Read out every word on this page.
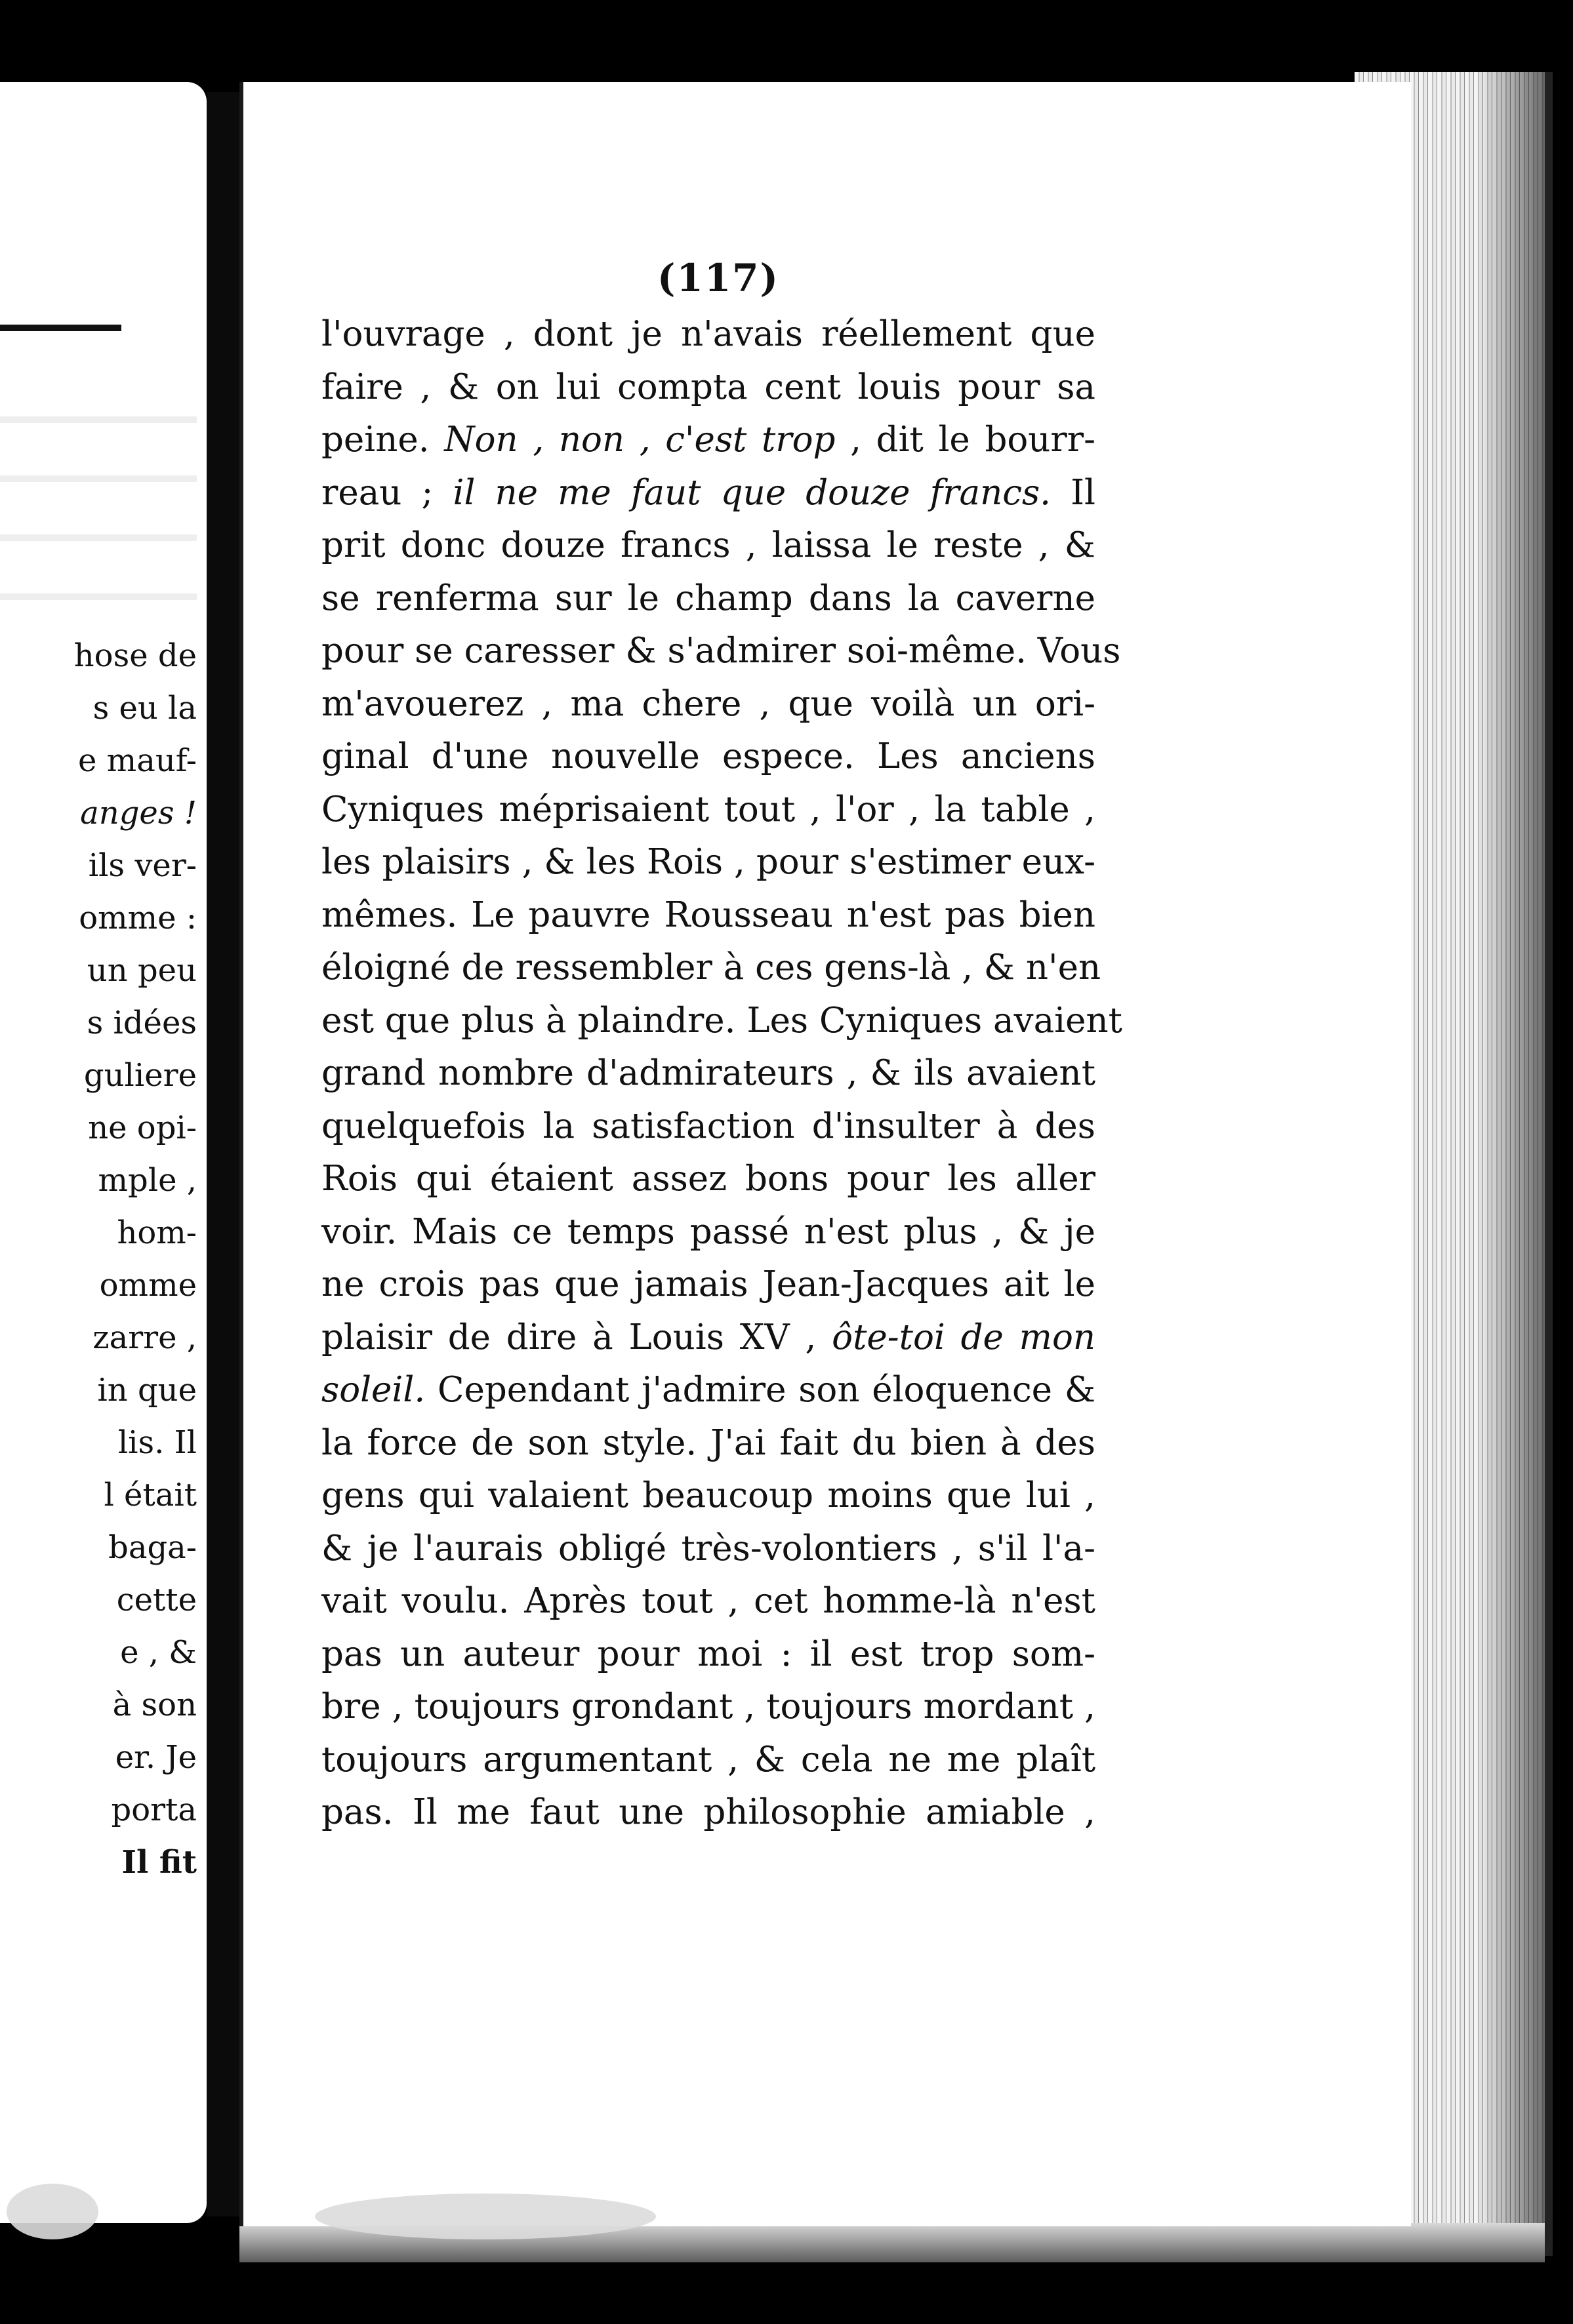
hose de
s eu la
e mauf-
anges !
ils ver-
omme :
un peu
s idées
guliere
ne opi-
mple ,
hom-
omme
zarre ,
in que
lis. Il
l était
baga-
cette
e , &
à son
er. Je
porta
Il fit
(117)
l'ouvrage , dont je n'avais réellement que
faire , & on lui compta cent louis pour sa
peine. Non , non , c'est trop , dit le bourr-
reau ; il ne me faut que douze francs. Il
prit donc douze francs , laissa le reste , &
se renferma sur le champ dans la caverne
pour se caresser & s'admirer soi-même. Vous
m'avouerez , ma chere , que voilà un ori-
ginal d'une nouvelle espece. Les anciens
Cyniques méprisaient tout , l'or , la table ,
les plaisirs , & les Rois , pour s'estimer eux-
mêmes. Le pauvre Rousseau n'est pas bien
éloigné de ressembler à ces gens-là , & n'en
est que plus à plaindre. Les Cyniques avaient
grand nombre d'admirateurs , & ils avaient
quelquefois la satisfaction d'insulter à des
Rois qui étaient assez bons pour les aller
voir. Mais ce temps passé n'est plus , & je
ne crois pas que jamais Jean-Jacques ait le
plaisir de dire à Louis XV , ôte-toi de mon
soleil. Cependant j'admire son éloquence &
la force de son style. J'ai fait du bien à des
gens qui valaient beaucoup moins que lui ,
& je l'aurais obligé très-volontiers , s'il l'a-
vait voulu. Après tout , cet homme-là n'est
pas un auteur pour moi : il est trop som-
bre , toujours grondant , toujours mordant ,
toujours argumentant , & cela ne me plaît
pas. Il me faut une philosophie amiable ,
